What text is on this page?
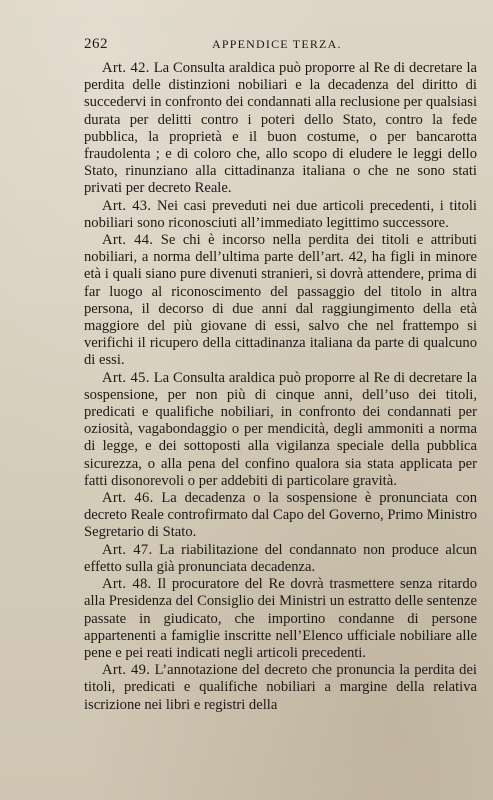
262	APPENDICE TERZA.

Art. 42. La Consulta araldica può proporre al Re di decretare la perdita delle distinzioni nobiliari e la decadenza del diritto di succedervi in confronto dei condannati alla reclusione per qualsiasi durata per delitti contro i poteri dello Stato, contro la fede pubblica, la proprietà e il buon costume, o per bancarotta fraudolenta ; e di coloro che, allo scopo di eludere le leggi dello Stato, rinunziano alla cittadinanza italiana o che ne sono stati privati per decreto Reale.

Art. 43. Nei casi preveduti nei due articoli precedenti, i titoli nobiliari sono riconosciuti all’immediato legittimo successore.

Art. 44. Se chi è incorso nella perdita dei titoli e attributi nobiliari, a norma dell’ultima parte dell’art. 42, ha figli in minore età i quali siano pure divenuti stranieri, si dovrà attendere, prima di far luogo al riconoscimento del passaggio del titolo in altra persona, il decorso di due anni dal raggiungimento della età maggiore del più giovane di essi, salvo che nel frattempo si verifichi il ricupero della cittadinanza italiana da parte di qualcuno di essi.

Art. 45. La Consulta araldica può proporre al Re di decretare la sospensione, per non più di cinque anni, dell’uso dei titoli, predicati e qualifiche nobiliari, in confronto dei condannati per oziosità, vagabondaggio o per mendicità, degli ammoniti a norma di legge, e dei sottoposti alla vigilanza speciale della pubblica sicurezza, o alla pena del confino qualora sia stata applicata per fatti disonorevoli o per addebiti di particolare gravità.

Art. 46. La decadenza o la sospensione è pronunciata con decreto Reale controfirmato dal Capo del Governo, Primo Ministro Segretario di Stato.

Art. 47. La riabilitazione del condannato non produce alcun effetto sulla già pronunciata decadenza.

Art. 48. Il procuratore del Re dovrà trasmettere senza ritardo alla Presidenza del Consiglio dei Ministri un estratto delle sentenze passate in giudicato, che importino condanne di persone appartenenti a famiglie inscritte nell’Elenco ufficiale nobiliare alle pene e pei reati indicati negli articoli precedenti.

Art. 49. L’annotazione del decreto che pronuncia la perdita dei titoli, predicati e qualifiche nobiliari a margine della relativa iscrizione nei libri e registri della
